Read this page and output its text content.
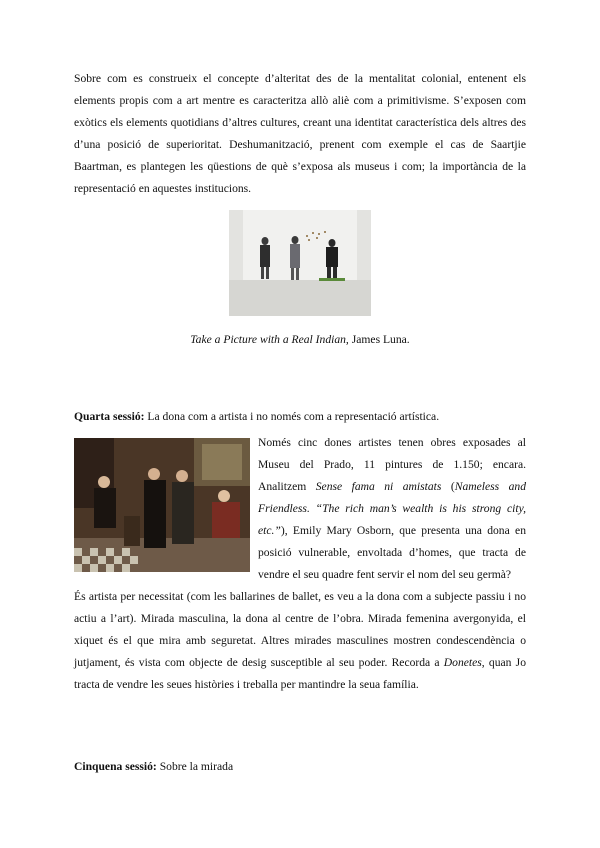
Sobre com es construeix el concepte d’alteritat des de la mentalitat colonial, entenent els elements propis com a art mentre es caracteritza allò aliè com a primitivisme. S’exposen com exòtics els elements quotidians d’altres cultures, creant una identitat característica dels altres des d’una posició de superioritat. Deshumanització, prenent com exemple el cas de Saartjie Baartman, es plantegen les qüestions de què s’exposa als museus i com; la importància de la representació en aquestes institucions.

Take a Picture with a Real Indian, James Luna.

Quarta sessió: La dona com a artista i no només com a representació artística.

Només cinc dones artistes tenen obres exposades al Museu del Prado, 11 pintures de 1.150; encara. Analitzem Sense fama ni amistats (Nameless and Friendless. “The rich man’s wealth is his strong city, etc.”), Emily Mary Osborn, que presenta una dona en posició vulnerable, envoltada d’homes, que tracta de vendre el seu quadre fent servir el nom del seu germà?

És artista per necessitat (com les ballarines de ballet, es veu a la dona com a subjecte passiu i no actiu a l’art). Mirada masculina, la dona al centre de l’obra. Mirada femenina avergonyida, el xiquet és el que mira amb seguretat. Altres mirades masculines mostren condescendència o jutjament, és vista com objecte de desig susceptible al seu poder. Recorda a Donetes, quan Jo tracta de vendre les seues històries i treballa per mantindre la seua família.

Cinquena sessió: Sobre la mirada
